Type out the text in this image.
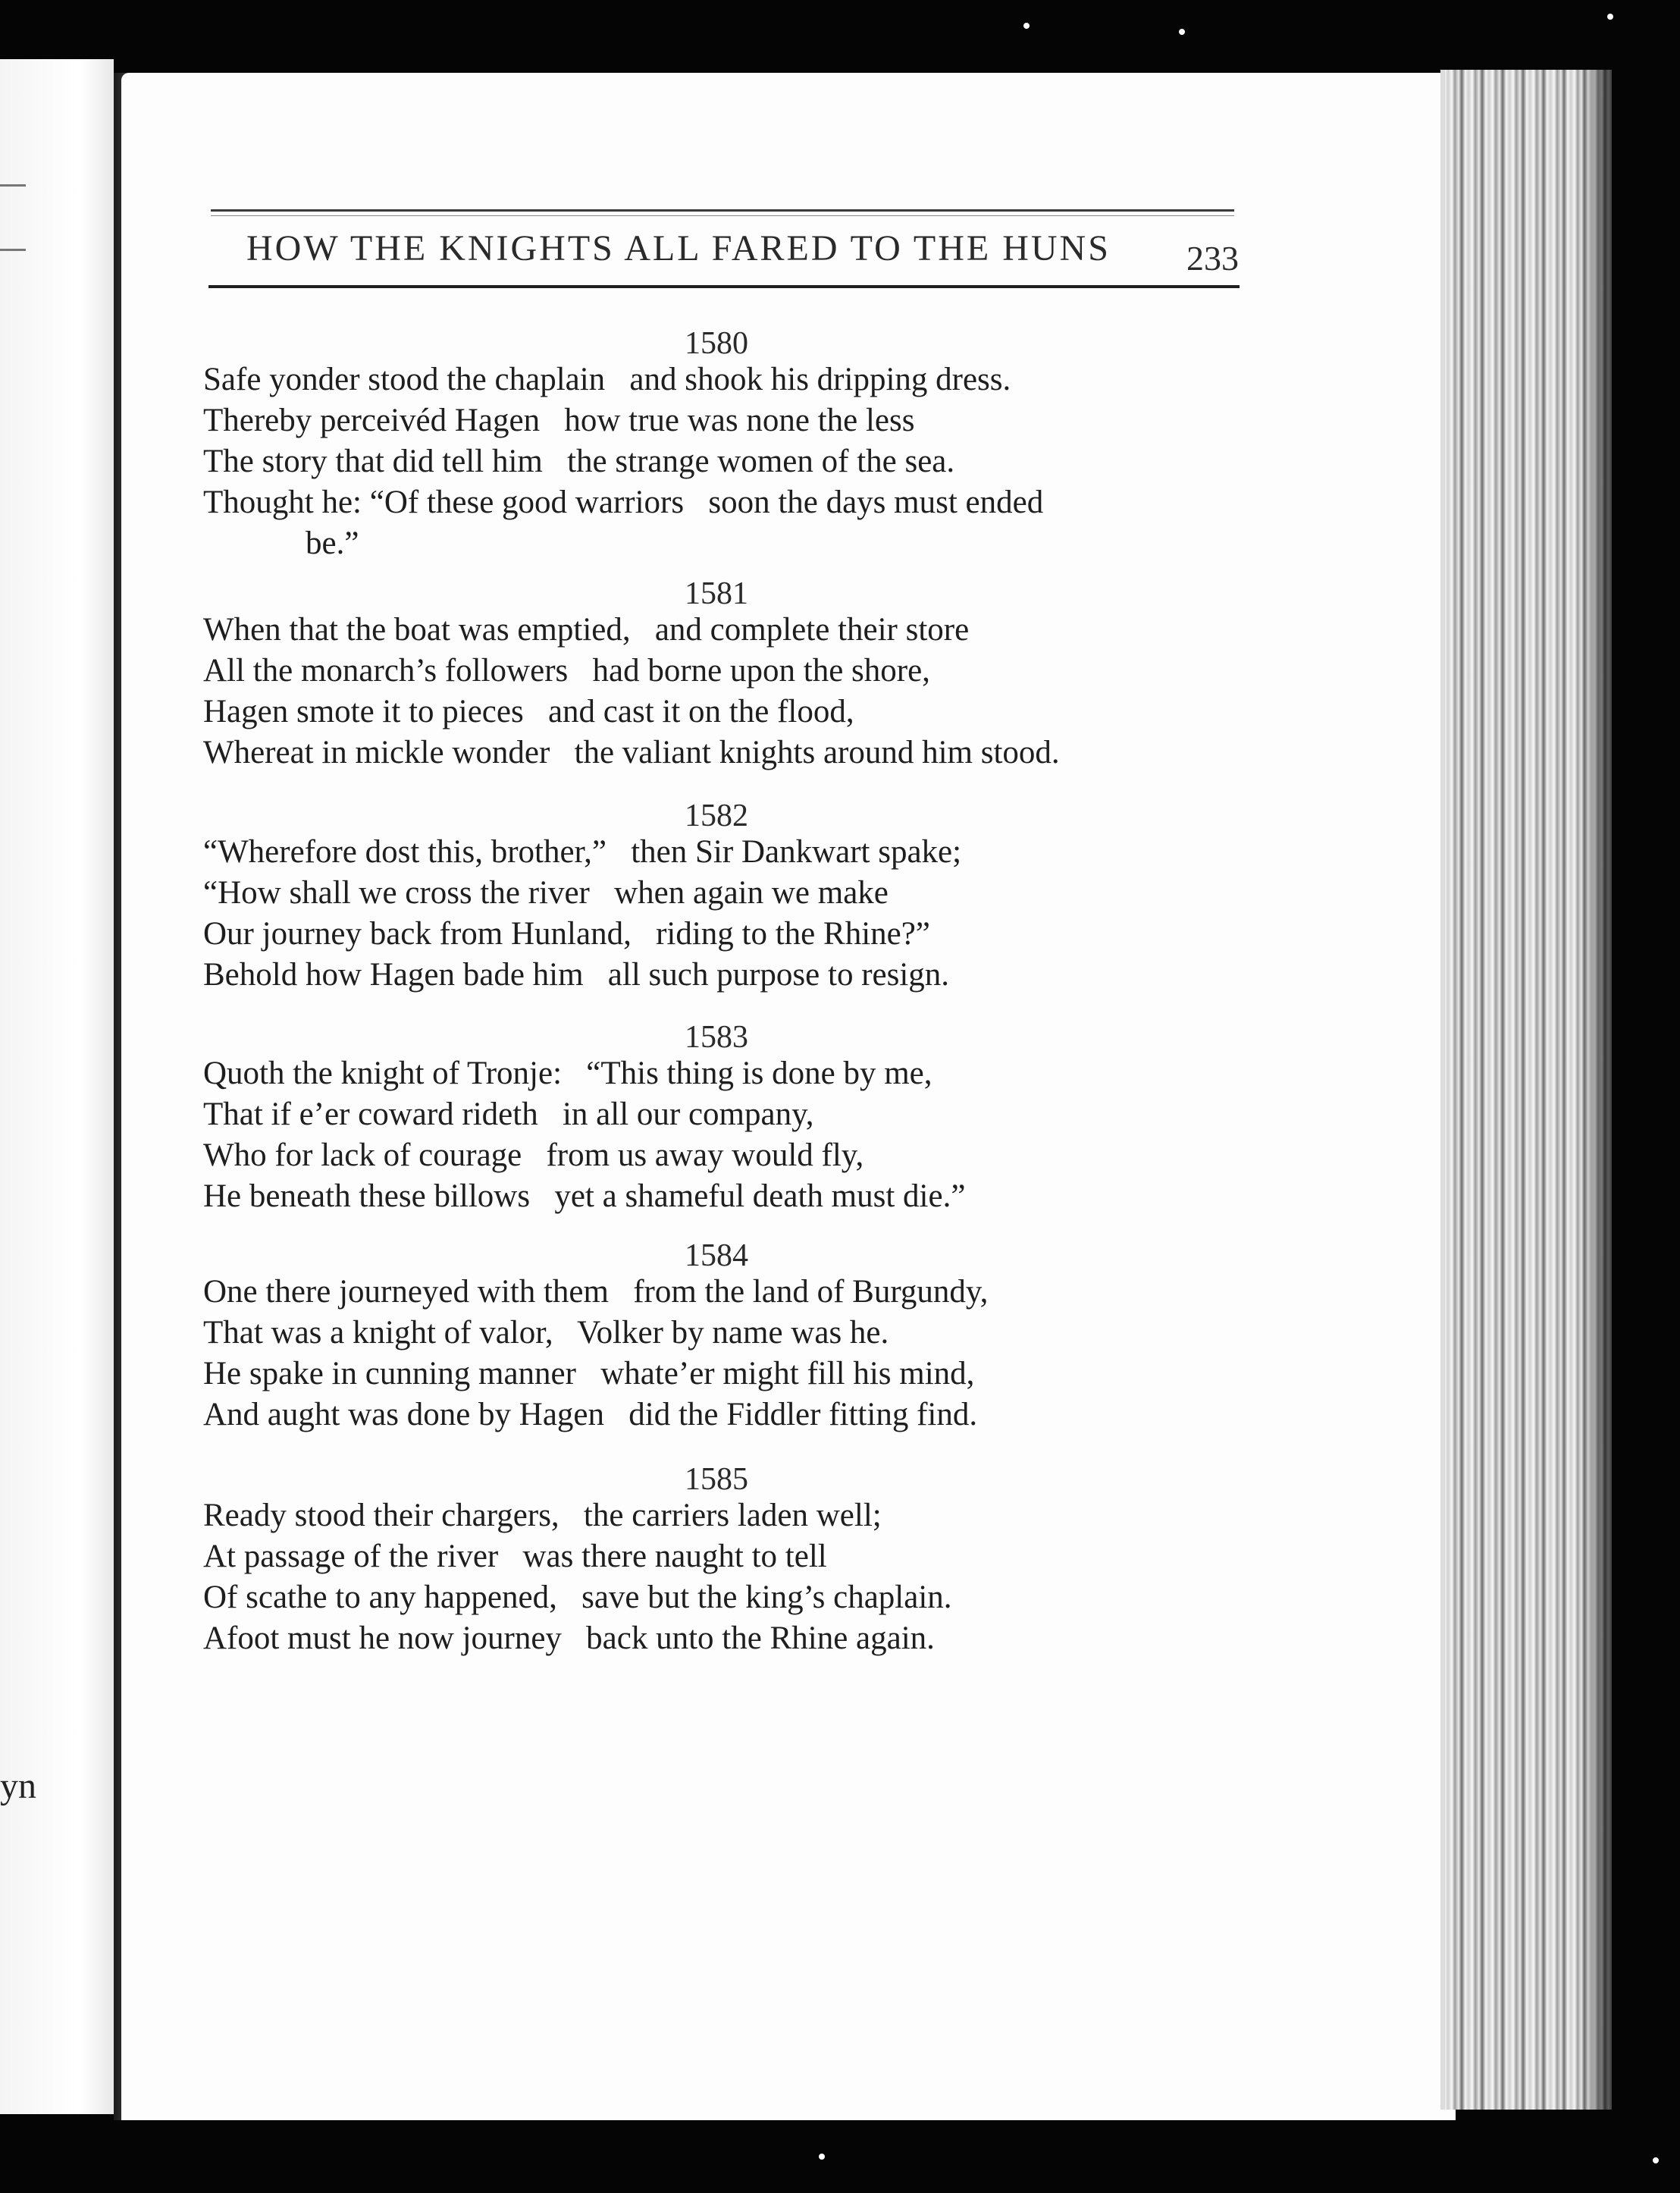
yn
HOW THE KNIGHTS ALL FARED TO THE HUNS 233
1580
Safe yonder stood the chaplain   and shook his dripping dress.
Thereby perceivéd Hagen   how true was none the less
The story that did tell him   the strange women of the sea.
Thought he: “Of these good warriors   soon the days must ended
be.”
1581
When that the boat was emptied,   and complete their store
All the monarch’s followers   had borne upon the shore,
Hagen smote it to pieces   and cast it on the flood,
Whereat in mickle wonder   the valiant knights around him stood.
1582
“Wherefore dost this, brother,”   then Sir Dankwart spake;
“How shall we cross the river   when again we make
Our journey back from Hunland,   riding to the Rhine?”
Behold how Hagen bade him   all such purpose to resign.
1583
Quoth the knight of Tronje:   “This thing is done by me,
That if e’er coward rideth   in all our company,
Who for lack of courage   from us away would fly,
He beneath these billows   yet a shameful death must die.”
1584
One there journeyed with them   from the land of Burgundy,
That was a knight of valor,   Volker by name was he.
He spake in cunning manner   whate’er might fill his mind,
And aught was done by Hagen   did the Fiddler fitting find.
1585
Ready stood their chargers,   the carriers laden well;
At passage of the river   was there naught to tell
Of scathe to any happened,   save but the king’s chaplain.
Afoot must he now journey   back unto the Rhine again.
